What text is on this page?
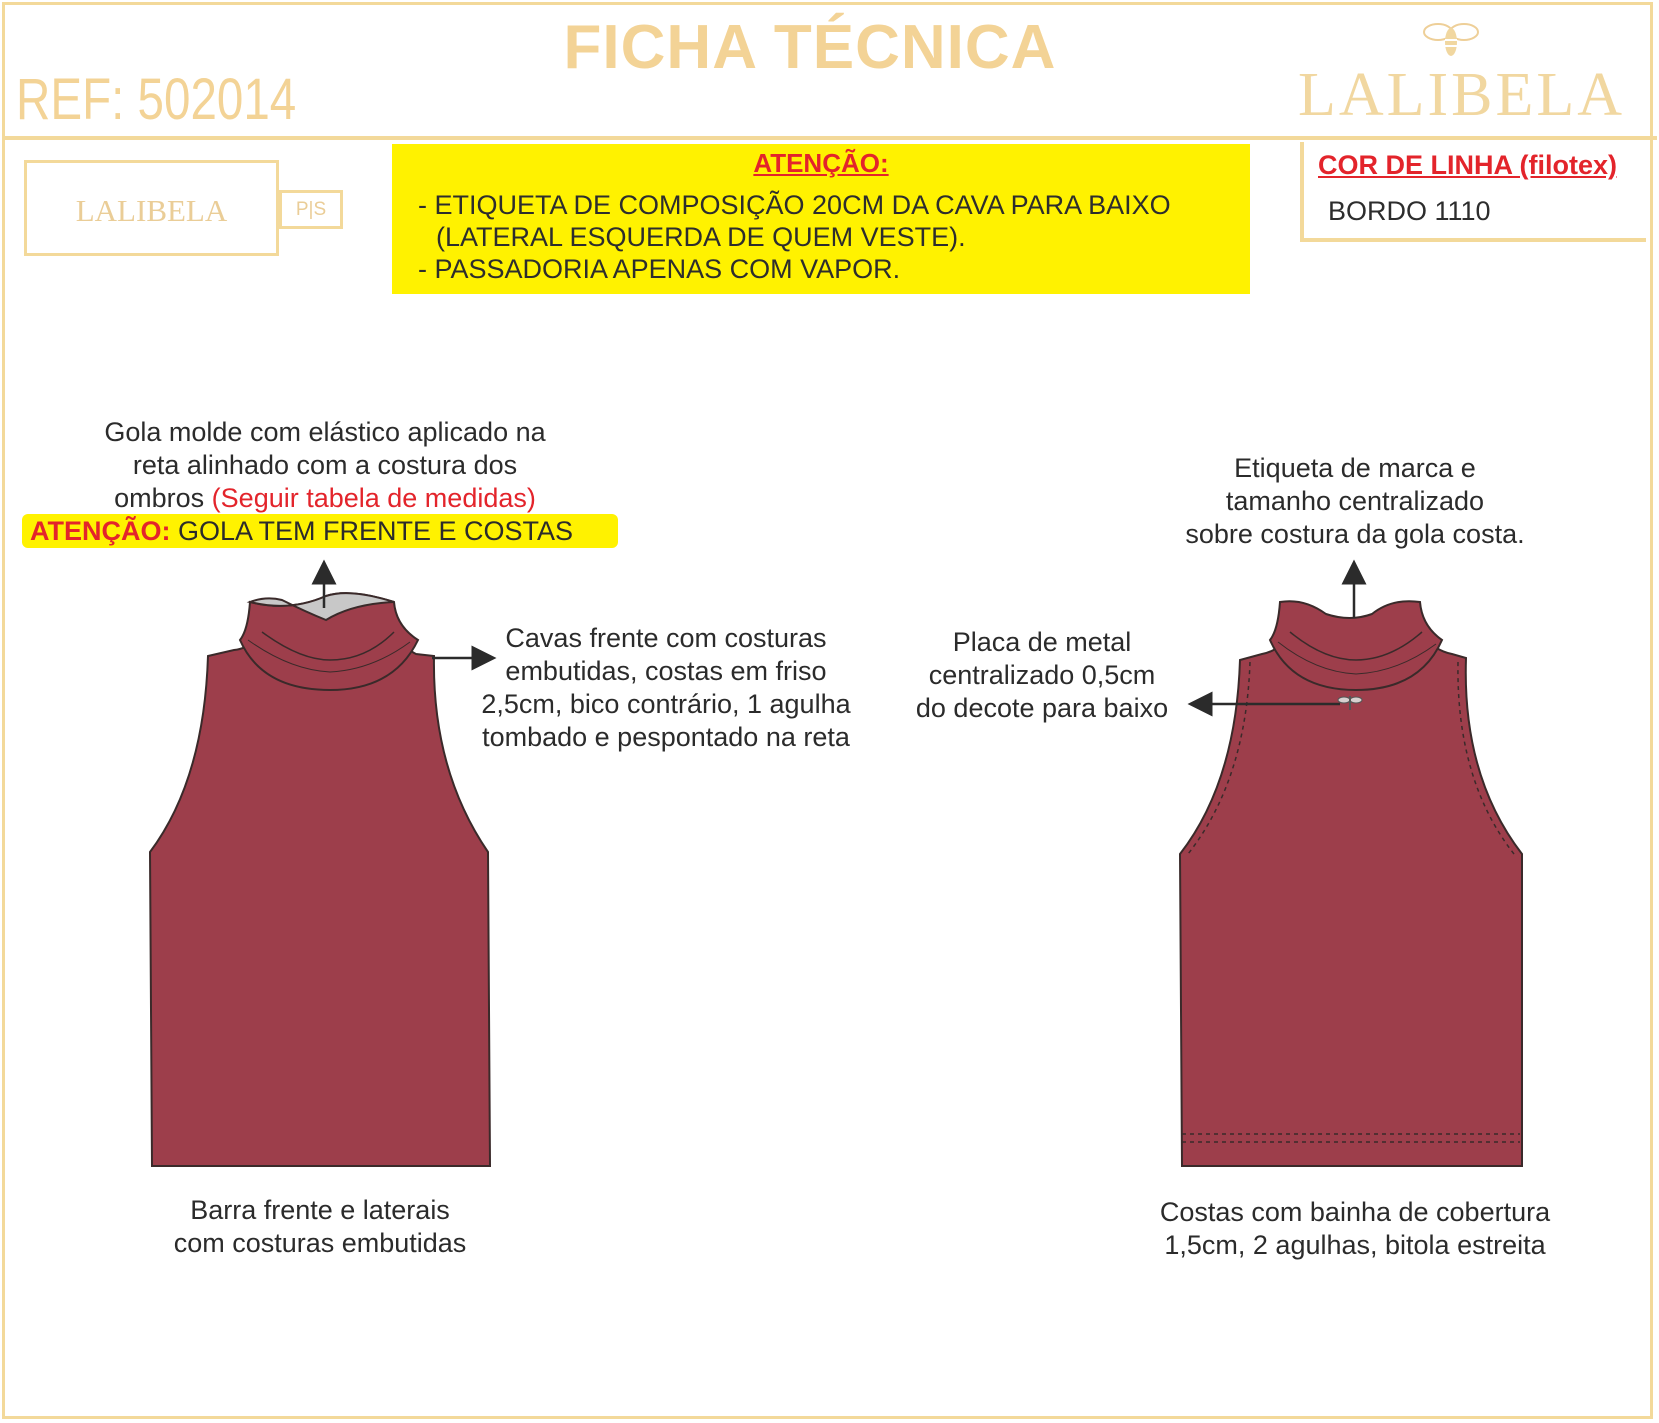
FICHA TÉCNICA
REF: 502014	LALIBELA
LALIBELA	P|S
ATENÇÃO:
- ETIQUETA DE COMPOSIÇÃO 20CM DA CAVA PARA BAIXO
(LATERAL ESQUERDA DE QUEM VESTE).
- PASSADORIA APENAS COM VAPOR.
COR DE LINHA (filotex)
BORDO 1110
Gola molde com elástico aplicado na
reta alinhado com a costura dos
ombros (Seguir tabela de medidas)
ATENÇÃO: GOLA TEM FRENTE E COSTAS
Cavas frente com costuras
embutidas, costas em friso
2,5cm, bico contrário, 1 agulha
tombado e pespontado na reta
Barra frente e laterais
com costuras embutidas
Placa de metal
centralizado 0,5cm
do decote para baixo
Etiqueta de marca e
tamanho centralizado
sobre costura da gola costa.
Costas com bainha de cobertura
1,5cm, 2 agulhas, bitola estreita
